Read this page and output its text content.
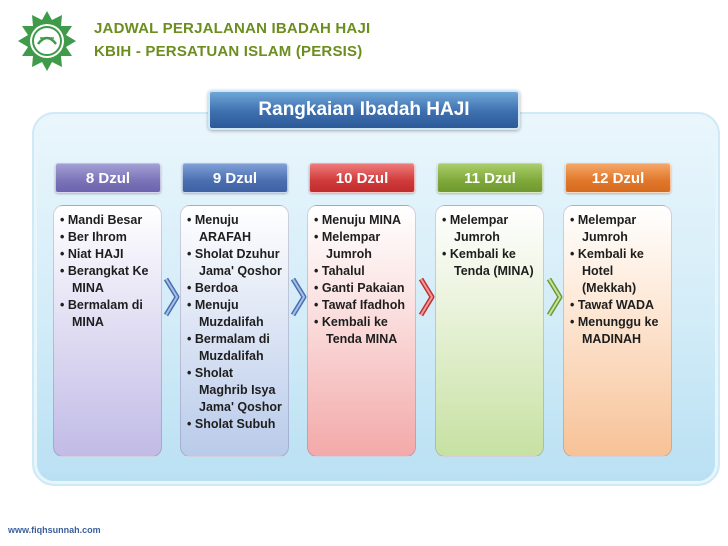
JADWAL PERJALANAN IBADAH HAJI
KBIH - PERSATUAN ISLAM (PERSIS)
Rangkaian Ibadah HAJI
8 Dzul	9 Dzul	10 Dzul	11 Dzul	12 Dzul
• Mandi Besar
• Ber Ihrom
• Niat HAJI
• Berangkat Ke MINA
• Bermalam di MINA
• Menuju ARAFAH
• Sholat Dzuhur Jama' Qoshor
• Berdoa
• Menuju Muzdalifah
• Bermalam di Muzdalifah
• Sholat Maghrib Isya Jama' Qoshor
• Sholat Subuh
• Menuju MINA
• Melempar Jumroh
• Tahalul
• Ganti Pakaian
• Tawaf Ifadhoh
• Kembali ke Tenda MINA
• Melempar Jumroh
• Kembali ke Tenda (MINA)
• Melempar Jumroh
• Kembali ke Hotel (Mekkah)
• Tawaf WADA
• Menunggu ke MADINAH
www.fiqhsunnah.com
